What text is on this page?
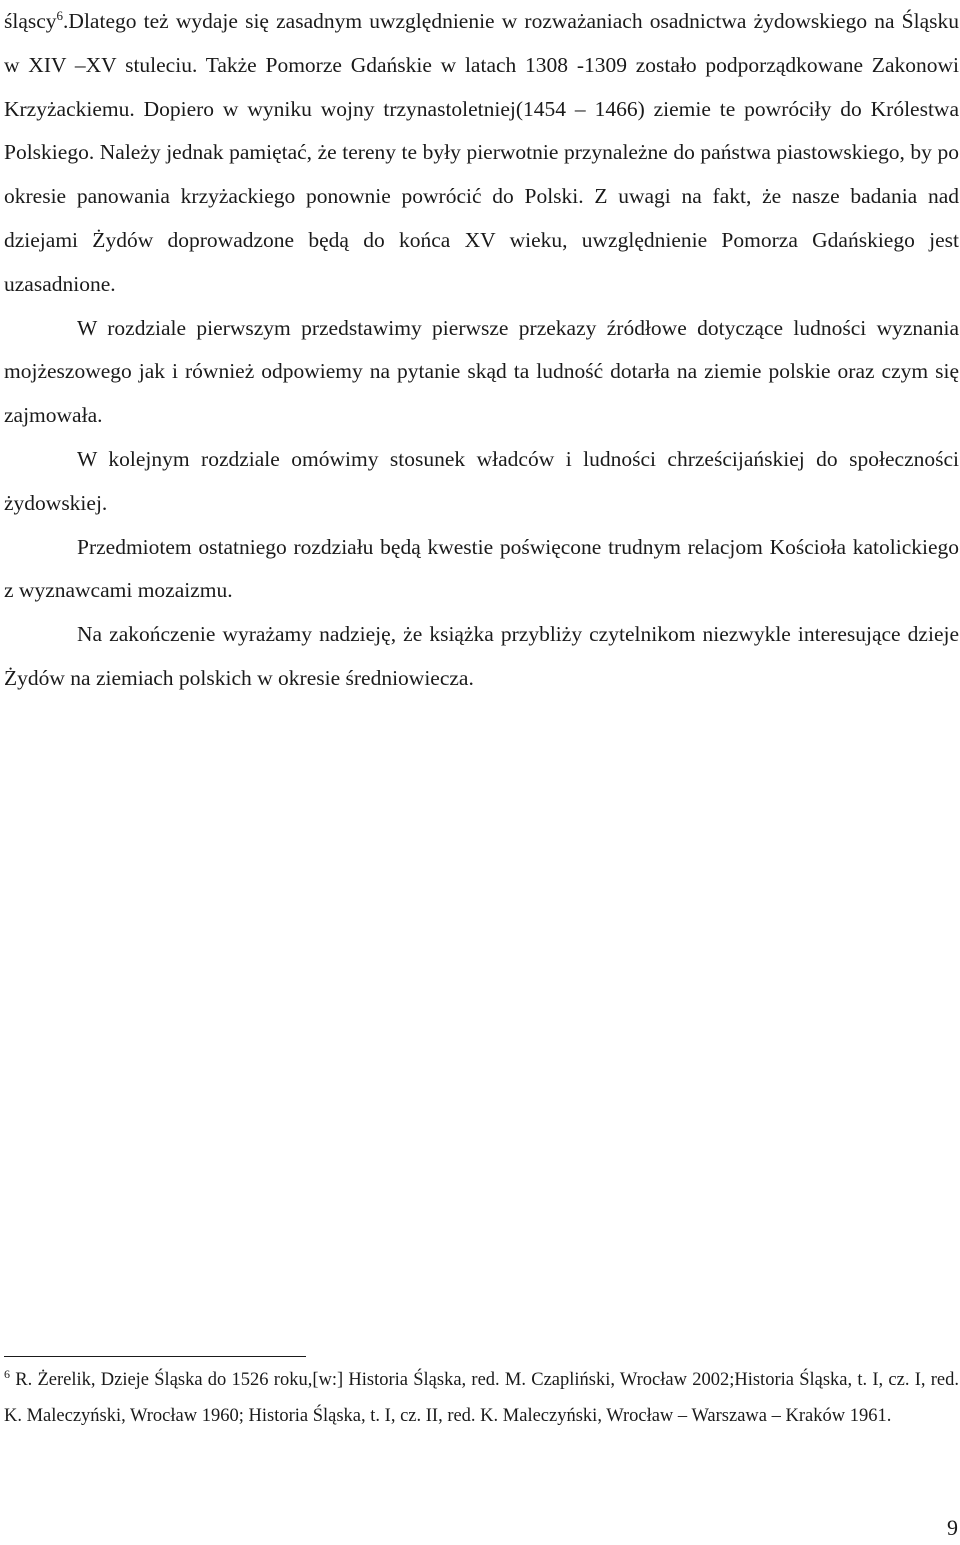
śląscy$^6$.Dlatego też wydaje się zasadnym uwzględnienie w rozważaniach osadnictwa żydowskiego na Śląsku w XIV –XV stuleciu. Także Pomorze Gdańskie w latach 1308 -1309 zostało podporządkowane Zakonowi Krzyżackiemu. Dopiero w wyniku wojny trzynastoletniej(1454 – 1466) ziemie te powróciły do Królestwa Polskiego. Należy jednak pamiętać, że tereny te były pierwotnie przynależne do państwa piastowskiego, by po okresie panowania krzyżackiego ponownie powrócić do Polski. Z uwagi na fakt, że nasze badania nad dziejami Żydów doprowadzone będą do końca XV wieku, uwzględnienie Pomorza Gdańskiego jest uzasadnione.

W rozdziale pierwszym przedstawimy pierwsze przekazy źródłowe dotyczące ludności wyznania mojżeszowego jak i również odpowiemy na pytanie skąd ta ludność dotarła na ziemie polskie oraz czym się zajmowała.

W kolejnym rozdziale omówimy stosunek władców i ludności chrześcijańskiej do społeczności żydowskiej.

Przedmiotem ostatniego rozdziału będą kwestie poświęcone trudnym relacjom Kościoła katolickiego z wyznawcami mozaizmu.

Na zakończenie wyrażamy nadzieję, że książka przybliży czytelnikom niezwykle interesujące dzieje Żydów na ziemiach polskich w okresie średniowiecza.

$^6$ R. Żerelik, Dzieje Śląska do 1526 roku,[w:] Historia Śląska, red. M. Czapliński, Wrocław 2002;Historia Śląska, t. I, cz. I, red. K. Maleczyński, Wrocław 1960; Historia Śląska, t. I, cz. II, red. K. Maleczyński, Wrocław – Warszawa – Kraków 1961.
9
